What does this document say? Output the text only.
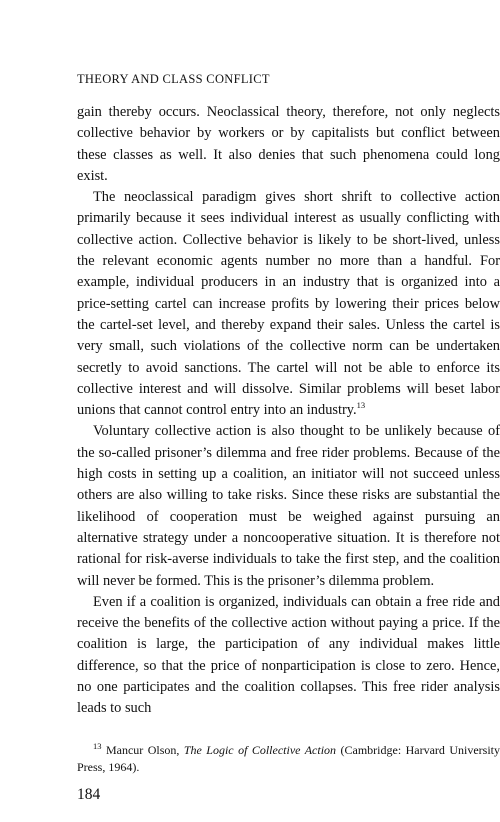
THEORY AND CLASS CONFLICT

gain thereby occurs. Neoclassical theory, therefore, not only neglects collective behavior by workers or by capitalists but conflict between these classes as well. It also denies that such phenomena could long exist.

The neoclassical paradigm gives short shrift to collective action primarily because it sees individual interest as usually conflicting with collective action. Collective behavior is likely to be short-lived, unless the relevant economic agents number no more than a handful. For example, individual producers in an industry that is organized into a price-setting cartel can increase profits by lowering their prices below the cartel-set level, and thereby expand their sales. Unless the cartel is very small, such violations of the collective norm can be undertaken secretly to avoid sanctions. The cartel will not be able to enforce its collective interest and will dissolve. Similar problems will beset labor unions that cannot control entry into an industry.$^{13}$

Voluntary collective action is also thought to be unlikely because of the so-called prisoner’s dilemma and free rider problems. Because of the high costs in setting up a coalition, an initiator will not succeed unless others are also willing to take risks. Since these risks are substantial the likelihood of cooperation must be weighed against pursuing an alternative strategy under a noncooperative situation. It is therefore not rational for risk-averse individuals to take the first step, and the coalition will never be formed. This is the prisoner’s dilemma problem.

Even if a coalition is organized, individuals can obtain a free ride and receive the benefits of the collective action without paying a price. If the coalition is large, the participation of any individual makes little difference, so that the price of nonparticipation is close to zero. Hence, no one participates and the coalition collapses. This free rider analysis leads to such

$^{13}$ Mancur Olson, The Logic of Collective Action (Cambridge: Harvard University Press, 1964).
184
